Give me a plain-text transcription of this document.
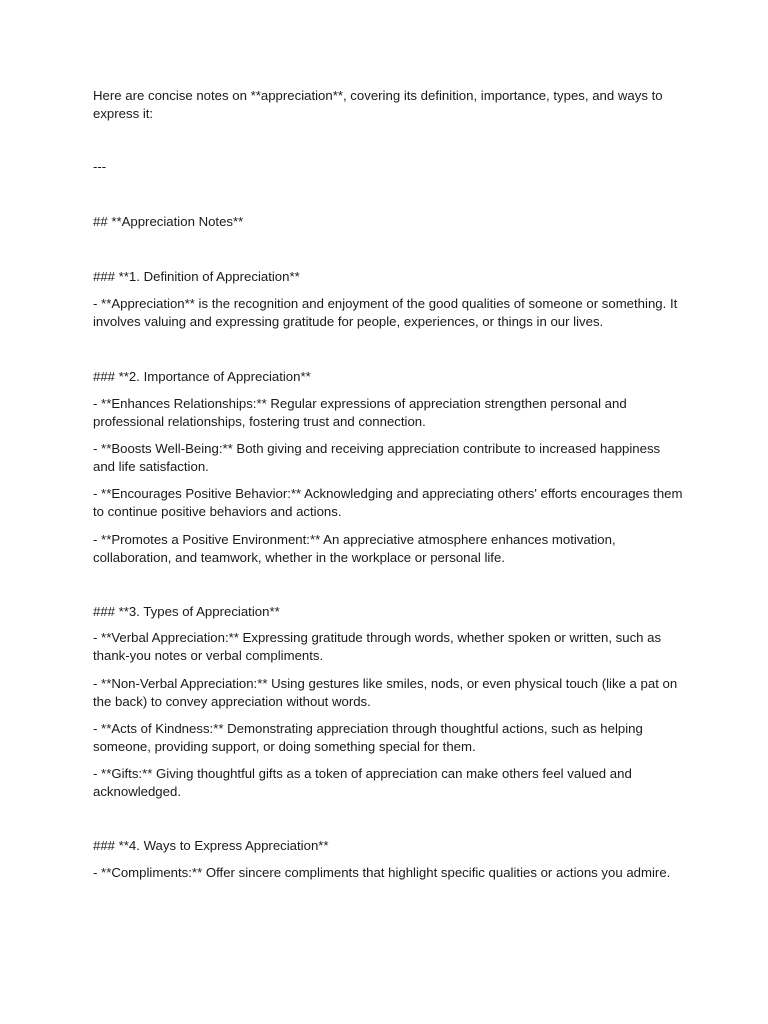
Here are concise notes on **appreciation**, covering its definition, importance, types, and ways to express it:

---

## **Appreciation Notes**

### **1. Definition of Appreciation**

- **Appreciation** is the recognition and enjoyment of the good qualities of someone or something. It involves valuing and expressing gratitude for people, experiences, or things in our lives.

### **2. Importance of Appreciation**

- **Enhances Relationships:** Regular expressions of appreciation strengthen personal and professional relationships, fostering trust and connection.

- **Boosts Well-Being:** Both giving and receiving appreciation contribute to increased happiness and life satisfaction.

- **Encourages Positive Behavior:** Acknowledging and appreciating others' efforts encourages them to continue positive behaviors and actions.

- **Promotes a Positive Environment:** An appreciative atmosphere enhances motivation, collaboration, and teamwork, whether in the workplace or personal life.

### **3. Types of Appreciation**

- **Verbal Appreciation:** Expressing gratitude through words, whether spoken or written, such as thank-you notes or verbal compliments.

- **Non-Verbal Appreciation:** Using gestures like smiles, nods, or even physical touch (like a pat on the back) to convey appreciation without words.

- **Acts of Kindness:** Demonstrating appreciation through thoughtful actions, such as helping someone, providing support, or doing something special for them.

- **Gifts:** Giving thoughtful gifts as a token of appreciation can make others feel valued and acknowledged.

### **4. Ways to Express Appreciation**

- **Compliments:** Offer sincere compliments that highlight specific qualities or actions you admire.
